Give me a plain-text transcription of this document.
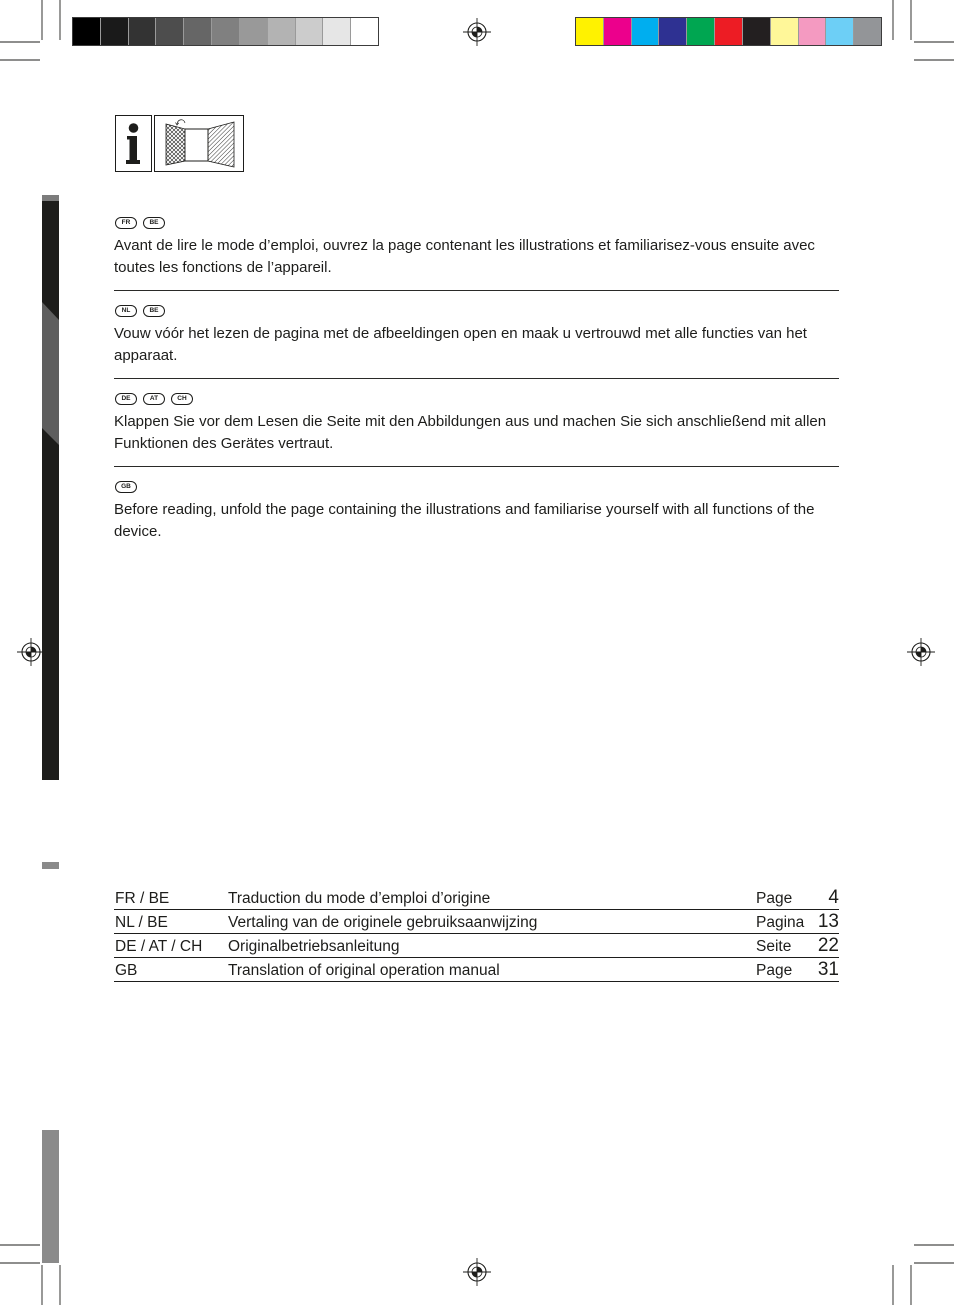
FR	BE

Avant de lire le mode d’emploi, ouvrez la page contenant les illustrations et familiarisez-vous ensuite avec toutes les fonctions de l’appareil.

NL	BE

Vouw vóór het lezen de pagina met de afbeeldingen open en maak u vertrouwd met alle functies van het apparaat.

DE	AT	CH

Klappen Sie vor dem Lesen die Seite mit den Abbildungen aus und machen Sie sich anschließend mit allen Funktionen des Gerätes vertraut.

GB

Before reading, unfold the page containing the illustrations and familiarise yourself with all functions of the device.

FR / BE	Traduction du mode d’emploi d’origine	Page	4
NL / BE	Vertaling van de originele gebruiksaanwijzing	Pagina 13
DE / AT / CH	Originalbetriebsanleitung	Seite	22
GB	Translation of original operation manual	Page	31
